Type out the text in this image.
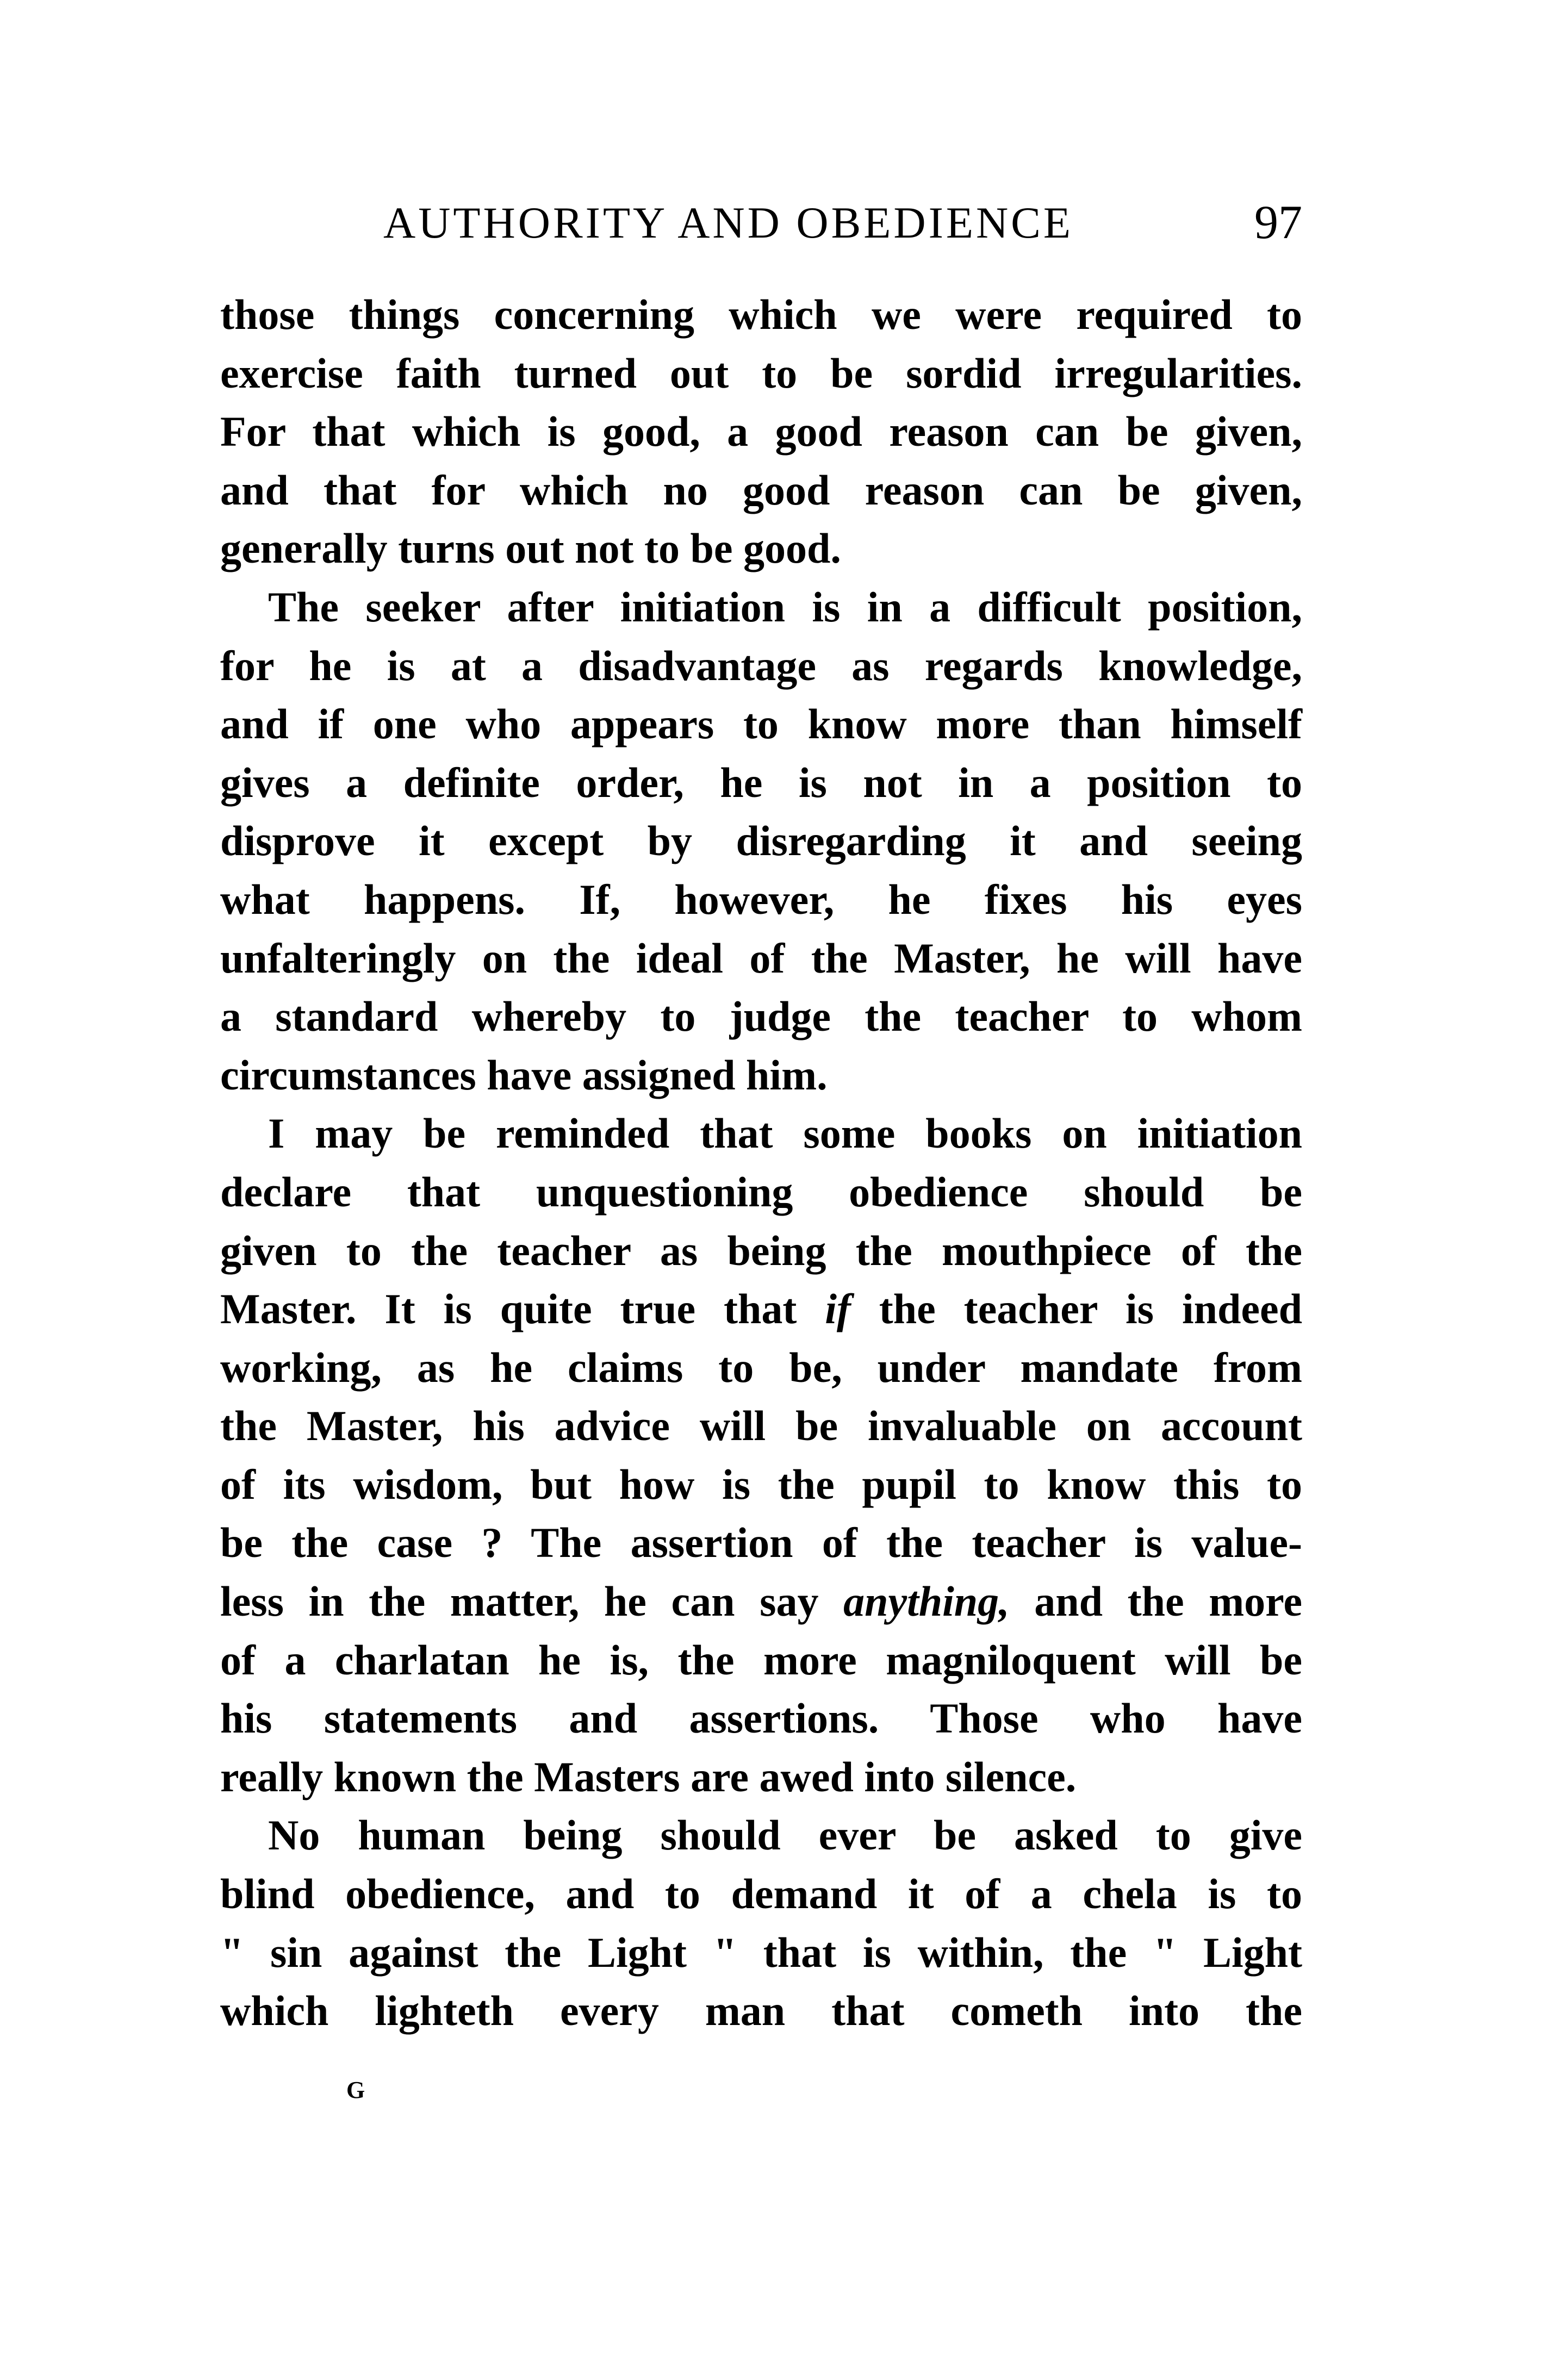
AUTHORITY AND OBEDIENCE	97
those things concerning which we were required to
exercise faith turned out to be sordid irregularities.
For that which is good, a good reason can be given,
and that for which no good reason can be given,
generally turns out not to be good.
The seeker after initiation is in a difficult position,
for he is at a disadvantage as regards knowledge,
and if one who appears to know more than himself
gives a definite order, he is not in a position to
disprove it except by disregarding it and seeing
what happens. If, however, he fixes his eyes
unfalteringly on the ideal of the Master, he will have
a standard whereby to judge the teacher to whom
circumstances have assigned him.
I may be reminded that some books on initiation
declare that unquestioning obedience should be
given to the teacher as being the mouthpiece of the
Master. It is quite true that if the teacher is indeed
working, as he claims to be, under mandate from
the Master, his advice will be invaluable on account
of its wisdom, but how is the pupil to know this to
be the case ? The assertion of the teacher is value-
less in the matter, he can say anything, and the more
of a charlatan he is, the more magniloquent will be
his statements and assertions. Those who have
really known the Masters are awed into silence.
No human being should ever be asked to give
blind obedience, and to demand it of a chela is to
" sin against the Light " that is within, the " Light
which lighteth every man that cometh into the
G
